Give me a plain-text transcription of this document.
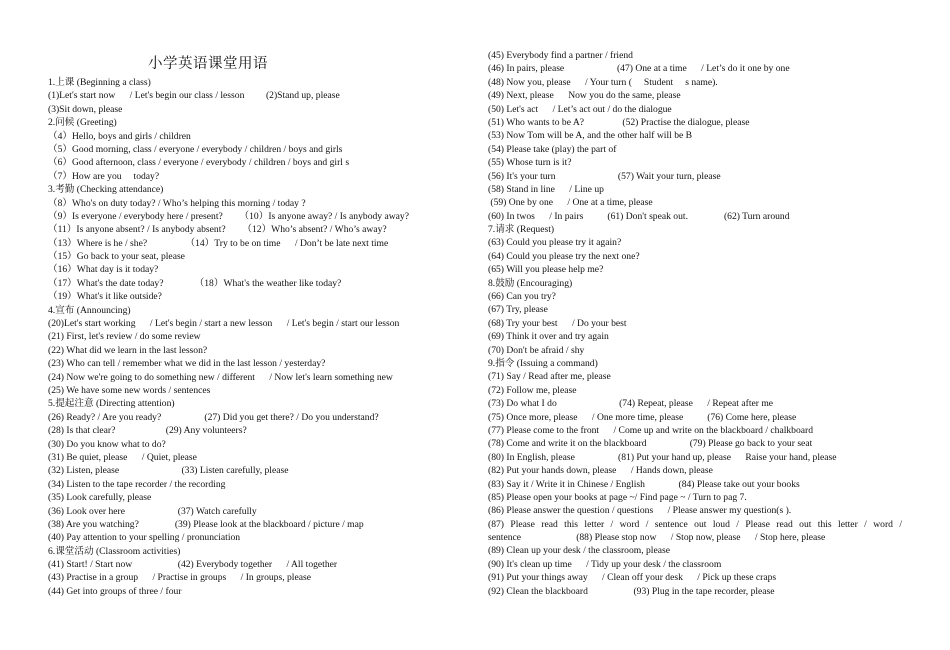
小学英语课堂用语
1.上课 (Beginning a class)
(1)Let's start now      / Let's begin our class / lesson         (2)Stand up, please
(3)Sit down, please
2.问候 (Greeting)
（4）Hello, boys and girls / children
（5）Good morning, class / everyone / everybody / children / boys and girls
（6）Good afternoon, class / everyone / everybody / children / boys and girl s
（7）How are you     today?
3.考勤 (Checking attendance)
（8）Who's on duty today? / Who’s helping this morning / today ?
（9）Is everyone / everybody here / present?       （10）Is anyone away? / Is anybody away?
（11）Is anyone absent? / Is anybody absent?       （12）Who’s absent? / Who’s away?
（13）Where is he / she?                （14）Try to be on time      / Don’t be late next time
（15）Go back to your seat, please
（16）What day is it today?
（17）What's the date today?             （18）What's the weather like today?
（19）What's it like outside?
4.宣布 (Announcing)
(20)Let's start working      / Let's begin / start a new lesson      / Let's begin / start our lesson
(21) First, let's review / do some review
(22) What did we learn in the last lesson?
(23) Who can tell / remember what we did in the last lesson / yesterday?
(24) Now we're going to do something new / different      / Now let's learn something new
(25) We have some new words / sentences
5.提起注意 (Directing attention)
(26) Ready? / Are you ready?                  (27) Did you get there? / Do you understand?
(28) Is that clear?                     (29) Any volunteers?
(30) Do you know what to do?
(31) Be quiet, please      / Quiet, please
(32) Listen, please                          (33) Listen carefully, please
(34) Listen to the tape recorder / the recording
(35) Look carefully, please
(36) Look over here                      (37) Watch carefully
(38) Are you watching?               (39) Please look at the blackboard / picture / map
(40) Pay attention to your spelling / pronunciation
6.课堂活动 (Classroom activities)
(41) Start! / Start now                   (42) Everybody together      / All together
(43) Practise in a group      / Practise in groups      / In groups, please
(44) Get into groups of three / four
(45) Everybody find a partner / friend
(46) In pairs, please                      (47) One at a time      / Let’s do it one by one
(48) Now you, please      / Your turn (     Student     s name).
(49) Next, please      Now you do the same, please
(50) Let's act      / Let’s act out / do the dialogue
(51) Who wants to be A?                (52) Practise the dialogue, please
(53) Now Tom will be A, and the other half will be B
(54) Please take (play) the part of
(55) Whose turn is it?
(56) It's your turn                          (57) Wait your turn, please
(58) Stand in line      / Line up
(59) One by one      / One at a time, please
(60) In twos      / In pairs          (61) Don't speak out.               (62) Turn around
7.请求 (Request)
(63) Could you please try it again?
(64) Could you please try the next one?
(65) Will you please help me?
8.鼓励 (Encouraging)
(66) Can you try?
(67) Try, please
(68) Try your best      / Do your best
(69) Think it over and try again
(70) Don't be afraid / shy
9.指令 (Issuing a command)
(71) Say / Read after me, please
(72) Follow me, please
(73) Do what I do                          (74) Repeat, please      / Repeat after me
(75) Once more, please      / One more time, please          (76) Come here, please
(77) Please come to the front      / Come up and write on the blackboard / chalkboard
(78) Come and write it on the blackboard                  (79) Please go back to your seat
(80) In English, please                  (81) Put your hand up, please      Raise your hand, please
(82) Put your hands down, please      / Hands down, please
(83) Say it / Write it in Chinese / English              (84) Please take out your books
(85) Please open your books at page ~/ Find page ~ / Turn to pag 7.
(86) Please answer the question / questions      / Please answer my question(s ).
(87) Please read this letter / word / sentence out loud / Please read out this letter / word /
sentence                       (88) Please stop now      / Stop now, please      / Stop here, please
(89) Clean up your desk / the classroom, please
(90) It's clean up time      / Tidy up your desk / the classroom
(91) Put your things away      / Clean off your desk      / Pick up these craps
(92) Clean the blackboard                   (93) Plug in the tape recorder, please
